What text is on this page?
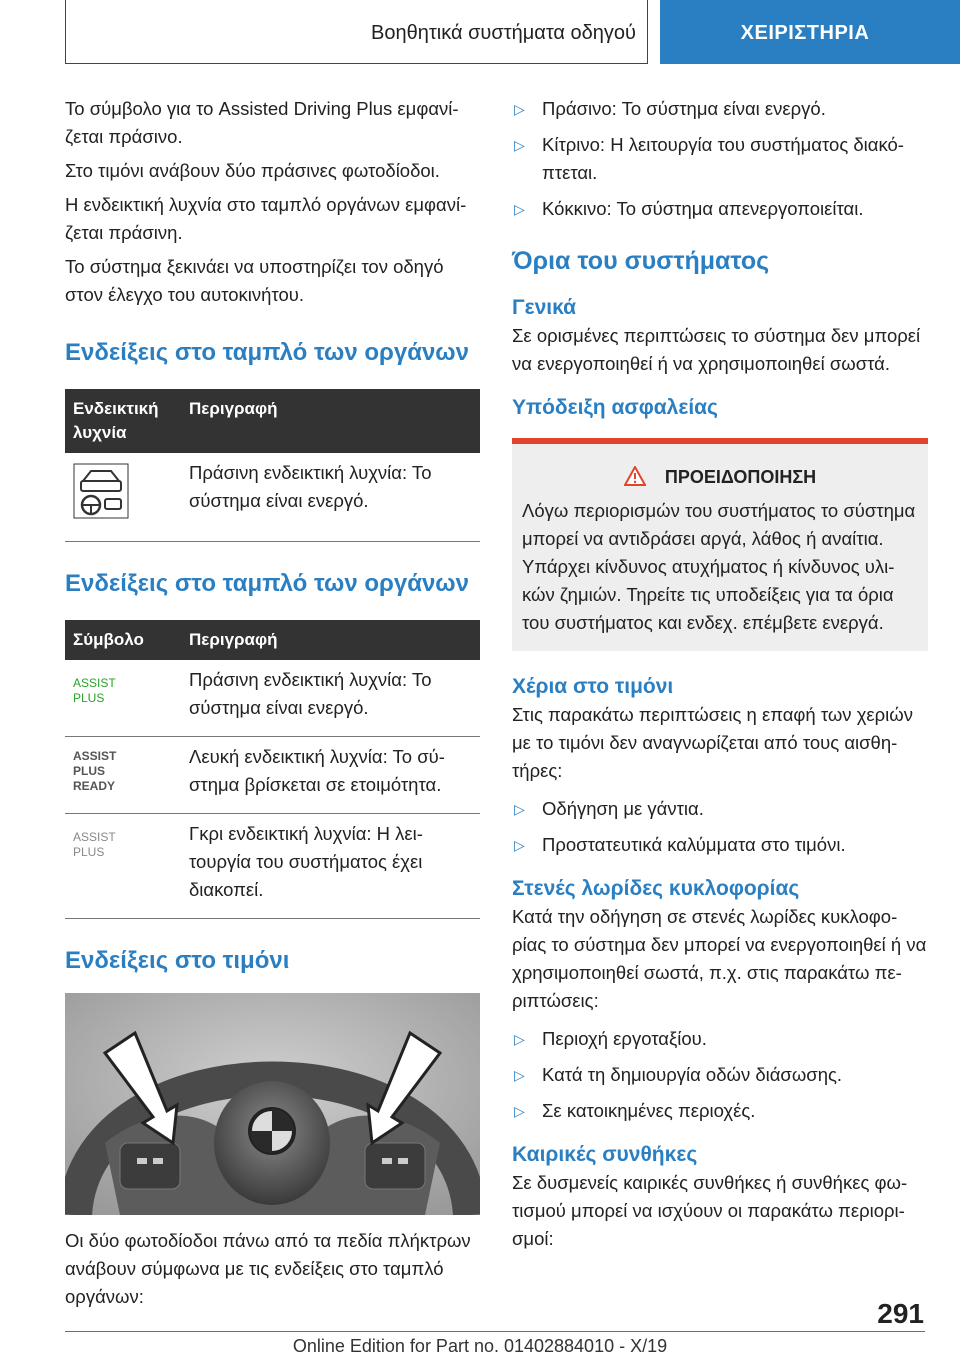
Βοηθητικά συστήματα οδηγού	ΧΕΙΡΙΣΤΗΡΙΑ

Το σύμβολο για το Assisted Driving Plus εμφανί‐ ζεται πράσινο.

Στο τιμόνι ανάβουν δύο πράσινες φωτοδίοδοι.

Η ενδεικτική λυχνία στο ταμπλό οργάνων εμφανί‐ ζεται πράσινη.

Το σύστημα ξεκινάει να υποστηρίζει τον οδηγό στον έλεγχο του αυτοκινήτου.

Ενδείξεις στο ταμπλό των οργάνων
Ενδεικτική λυχνία	Περιγραφή
	Πράσινη ενδεικτική λυχνία: Το σύστημα είναι ενεργό.
Ενδείξεις στο ταμπλό των οργάνων
Σύμβολο	Περιγραφή

ASSIST
PLUS	Πράσινη ενδεικτική λυχνία: Το σύστημα είναι ενεργό.

ASSIST
PLUS
READY	Λευκή ενδεικτική λυχνία: Το σύ‐ στημα βρίσκεται σε ετοιμότητα.

ASSIST
PLUS	Γκρι ενδεικτική λυχνία: Η λει‐ τουργία του συστήματος έχει διακοπεί.
Ενδείξεις στο τιμόνι

Οι δύο φωτοδίοδοι πάνω από τα πεδία πλήκτρων ανάβουν σύμφωνα με τις ενδείξεις στο ταμπλό οργάνων:

▷ Πράσινο: Το σύστημα είναι ενεργό.
▷ Κίτρινο: Η λειτουργία του συστήματος διακό‐ πτεται.
▷ Κόκκινο: Το σύστημα απενεργοποιείται.
Όρια του συστήματος
Γενικά

Σε ορισμένες περιπτώσεις το σύστημα δεν μπορεί να ενεργοποιηθεί ή να χρησιμοποιηθεί σωστά.

Υπόδειξη ασφαλείας
ΠΡΟΕΙΔΟΠΟΙΗΣΗ

Λόγω περιορισμών του συστήματος το σύστημα μπορεί να αντιδράσει αργά, λάθος ή αναίτια. Υπάρχει κίνδυνος ατυχήματος ή κίνδυνος υλι‐ κών ζημιών. Τηρείτε τις υποδείξεις για τα όρια του συστήματος και ενδεχ. επέμβετε ενεργά.

Χέρια στο τιμόνι

Στις παρακάτω περιπτώσεις η επαφή των χεριών με το τιμόνι δεν αναγνωρίζεται από τους αισθη‐ τήρες:

▷ Οδήγηση με γάντια.
▷ Προστατευτικά καλύμματα στο τιμόνι.
Στενές λωρίδες κυκλοφορίας

Κατά την οδήγηση σε στενές λωρίδες κυκλοφο‐ ρίας το σύστημα δεν μπορεί να ενεργοποιηθεί ή να χρησιμοποιηθεί σωστά, π.χ. στις παρακάτω πε‐ ριπτώσεις:

▷ Περιοχή εργοταξίου.
▷ Κατά τη δημιουργία οδών διάσωσης.
▷ Σε κατοικημένες περιοχές.
Καιρικές συνθήκες

Σε δυσμενείς καιρικές συνθήκες ή συνθήκες φω‐ τισμού μπορεί να ισχύουν οι παρακάτω περιορι‐ σμοί:

291
Online Edition for Part no. 01402884010 - X/19
